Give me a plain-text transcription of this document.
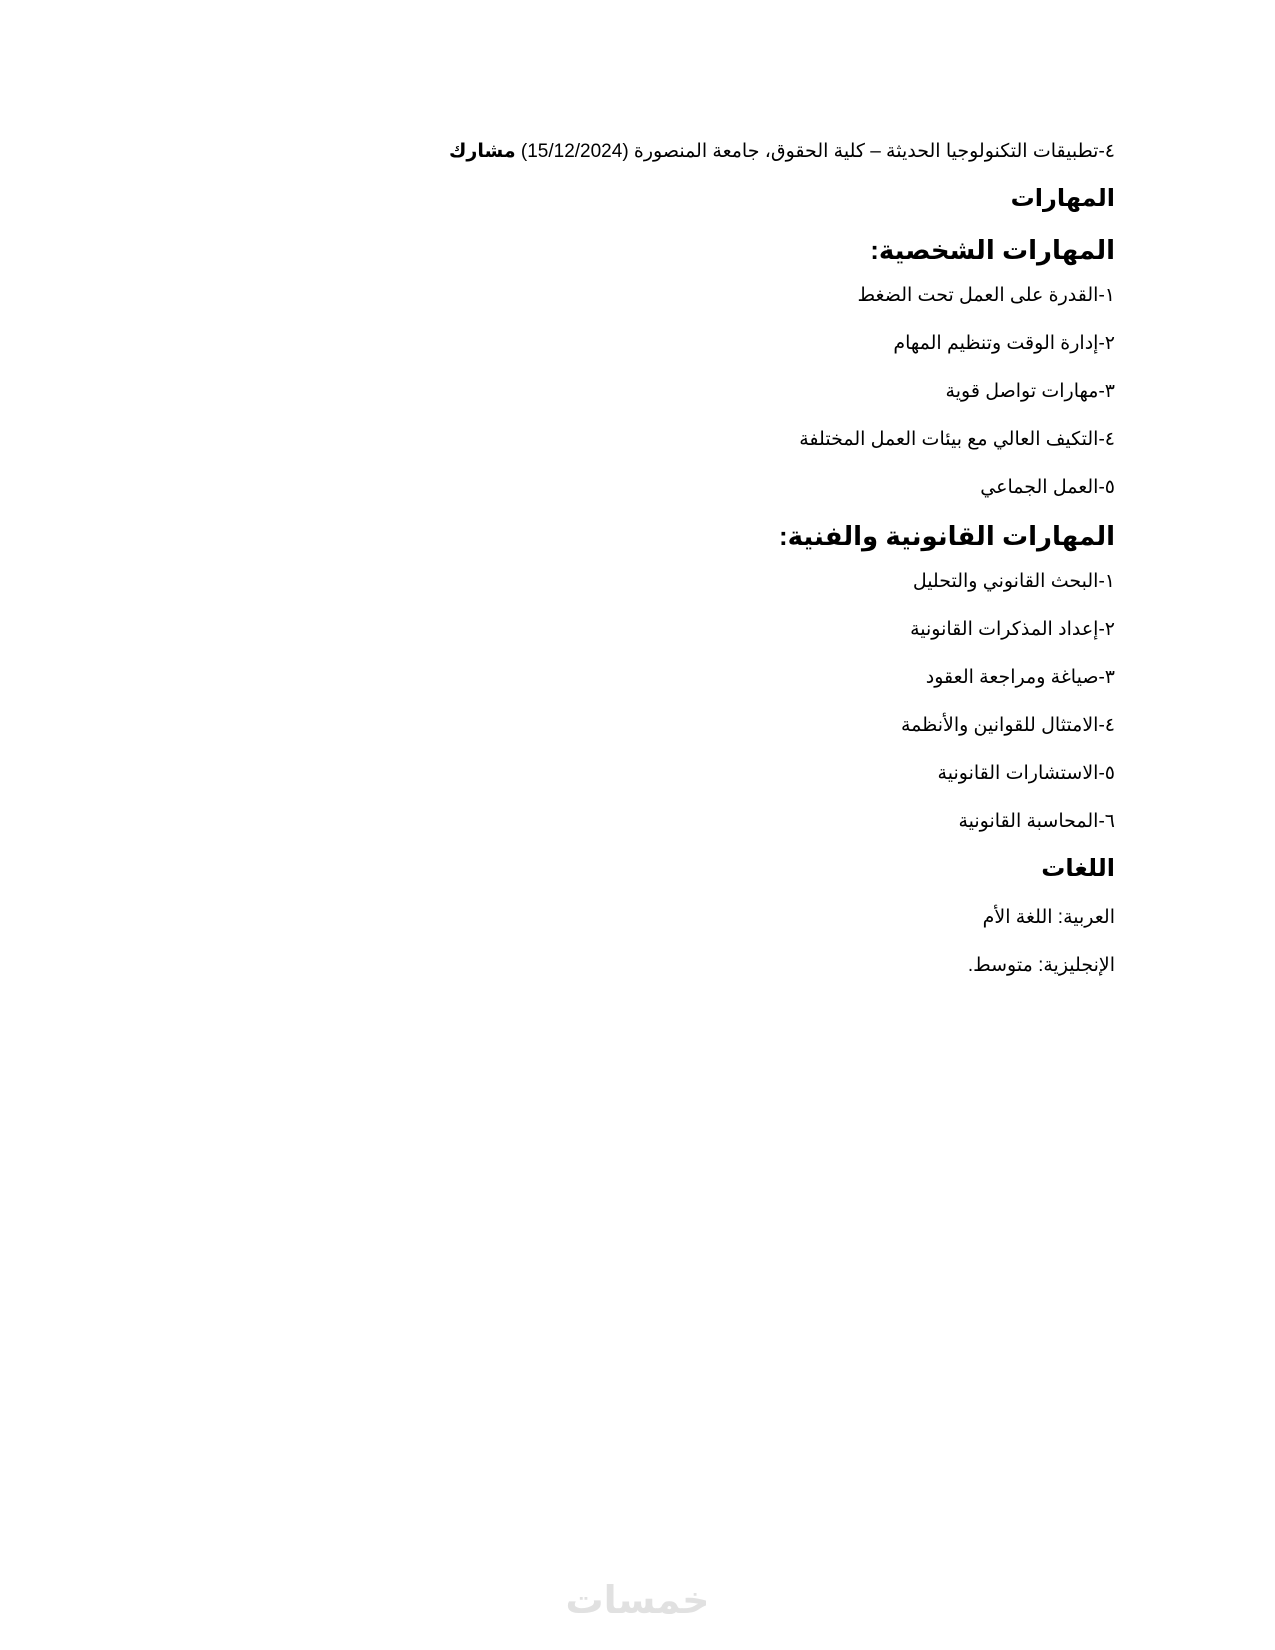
٤-تطبيقات التكنولوجيا الحديثة – كلية الحقوق، جامعة المنصورة (15/12/2024) مشارك
المهارات
المهارات الشخصية:
١-القدرة على العمل تحت الضغط
٢-إدارة الوقت وتنظيم المهام
٣-مهارات تواصل قوية
٤-التكيف العالي مع بيئات العمل المختلفة
٥-العمل الجماعي
المهارات القانونية والفنية:
١-البحث القانوني والتحليل
٢-إعداد المذكرات القانونية
٣-صياغة ومراجعة العقود
٤-الامتثال للقوانين والأنظمة
٥-الاستشارات القانونية
٦-المحاسبة القانونية
اللغات
العربية: اللغة الأم
الإنجليزية: متوسط.
خمسات
